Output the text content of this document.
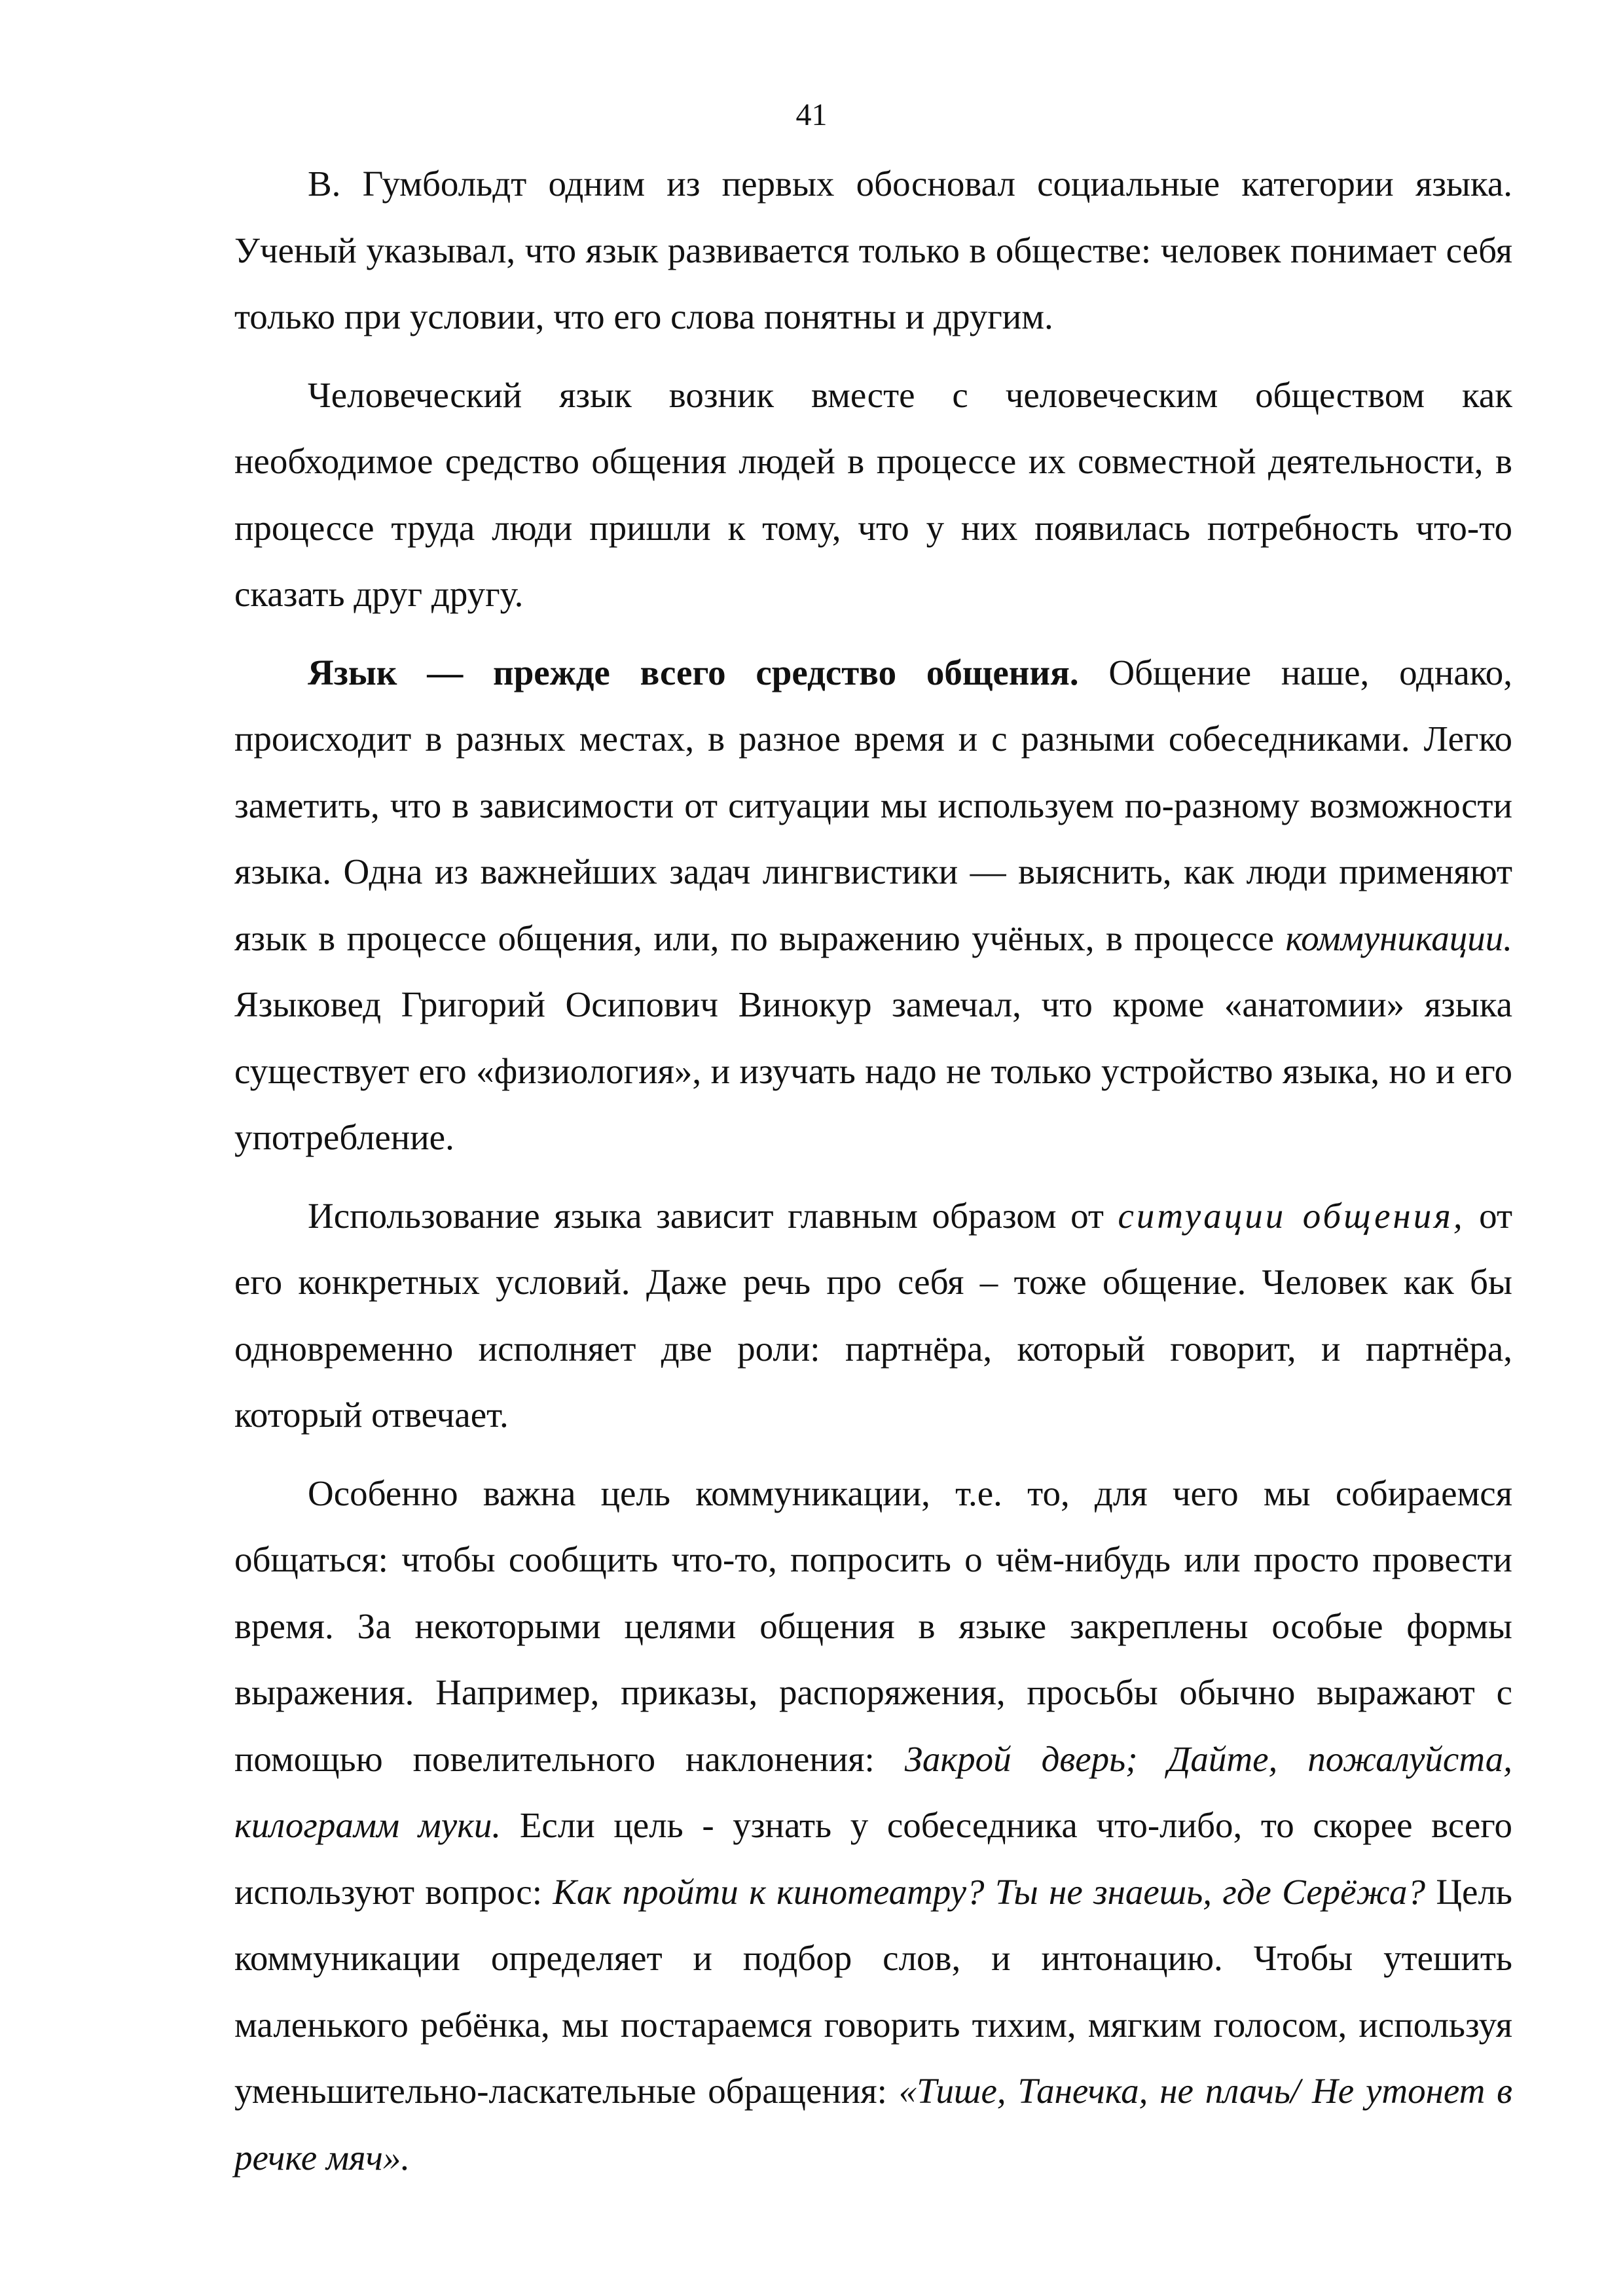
41

В. Гумбольдт одним из первых обосновал социальные категории языка. Ученый указывал, что язык развивается только в обществе: человек понимает себя только при условии, что его слова понятны и другим.

Человеческий язык возник вместе с человеческим обществом как необходимое средство общения людей в процессе их совместной деятельности, в процессе труда люди пришли к тому, что у них появилась потребность что-то сказать друг другу.

Язык — прежде всего средство общения. Общение наше, однако, происходит в разных местах, в разное время и с разными собеседниками. Легко заметить, что в зависимости от ситуации мы используем по-разному возможности языка. Одна из важнейших задач лингвистики — выяснить, как люди применяют язык в процессе общения, или, по выражению учёных, в процессе коммуникации. Языковед Григорий Осипович Винокур замечал, что кроме «анатомии» языка существует его «физиология», и изучать надо не только устройство языка, но и его употребление.

Использование языка зависит главным образом от ситуации общения, от его конкретных условий. Даже речь про себя – тоже общение. Человек как бы одновременно исполняет две роли: партнёра, который говорит, и партнёра, который отвечает.

Особенно важна цель коммуникации, т.е. то, для чего мы собираемся общаться: чтобы сообщить что-то, попросить о чём-нибудь или просто провести время. За некоторыми целями общения в языке закреплены особые формы выражения. Например, приказы, распоряжения, просьбы обычно выражают с помощью повелительного наклонения: Закрой дверь; Дайте, пожалуйста, килограмм муки. Если цель - узнать у собеседника что-либо, то скорее всего используют вопрос: Как пройти к кинотеатру? Ты не знаешь, где Серёжа? Цель коммуникации определяет и подбор слов, и интонацию. Чтобы утешить маленького ребёнка, мы постараемся говорить тихим, мягким голосом, используя уменьшительно-ласкательные обращения: «Тише, Танечка, не плачь/ Не утонет в речке мяч».
